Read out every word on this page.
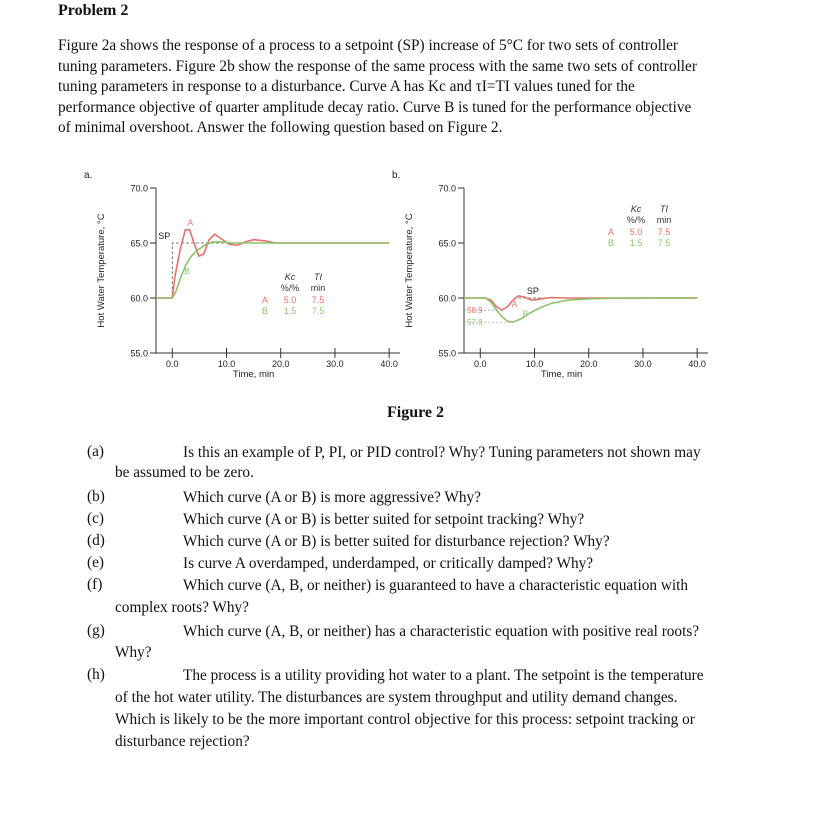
Problem 2

Figure 2a shows the response of a process to a setpoint (SP) increase of 5°C for two sets of controller

tuning parameters. Figure 2b show the response of the same process with the same two sets of controller

tuning parameters in response to a disturbance. Curve A has Kc and τI=TI values tuned for the

performance objective of quarter amplitude decay ratio. Curve B is tuned for the performance objective

of minimal overshoot. Answer the following question based on Figure 2.

a.
55.0
60.0
65.0
70.0
0.0	10.0	20.0	30.0	40.0
Time, min
Hot Water Temperature, °C	SP
A
B
Kc TI
%/% min
A 5.0 7.5
B 1.5 7.5
b.
55.0
60.0
65.0
70.0
0.0	10.0	20.0	30.0	40.0
Time, min
Hot Water Temperature, °C	SP
A
B
58.9
57.8
Kc TI
%/% min
A 5.0 7.5
B 1.5 7.5
Figure 2
(a)	Is this an example of P, PI, or PID control? Why? Tuning parameters not shown may
be assumed to be zero.
(b)	Which curve (A or B) is more aggressive? Why?
(c)	Which curve (A or B) is better suited for setpoint tracking? Why?
(d)	Which curve (A or B) is better suited for disturbance rejection? Why?
(e)	Is curve A overdamped, underdamped, or critically damped? Why?
(f)	Which curve (A, B, or neither) is guaranteed to have a characteristic equation with
complex roots? Why?
(g)	Which curve (A, B, or neither) has a characteristic equation with positive real roots?
Why?
(h)	The process is a utility providing hot water to a plant. The setpoint is the temperature
of the hot water utility. The disturbances are system throughput and utility demand changes.
Which is likely to be the more important control objective for this process: setpoint tracking or
disturbance rejection?
